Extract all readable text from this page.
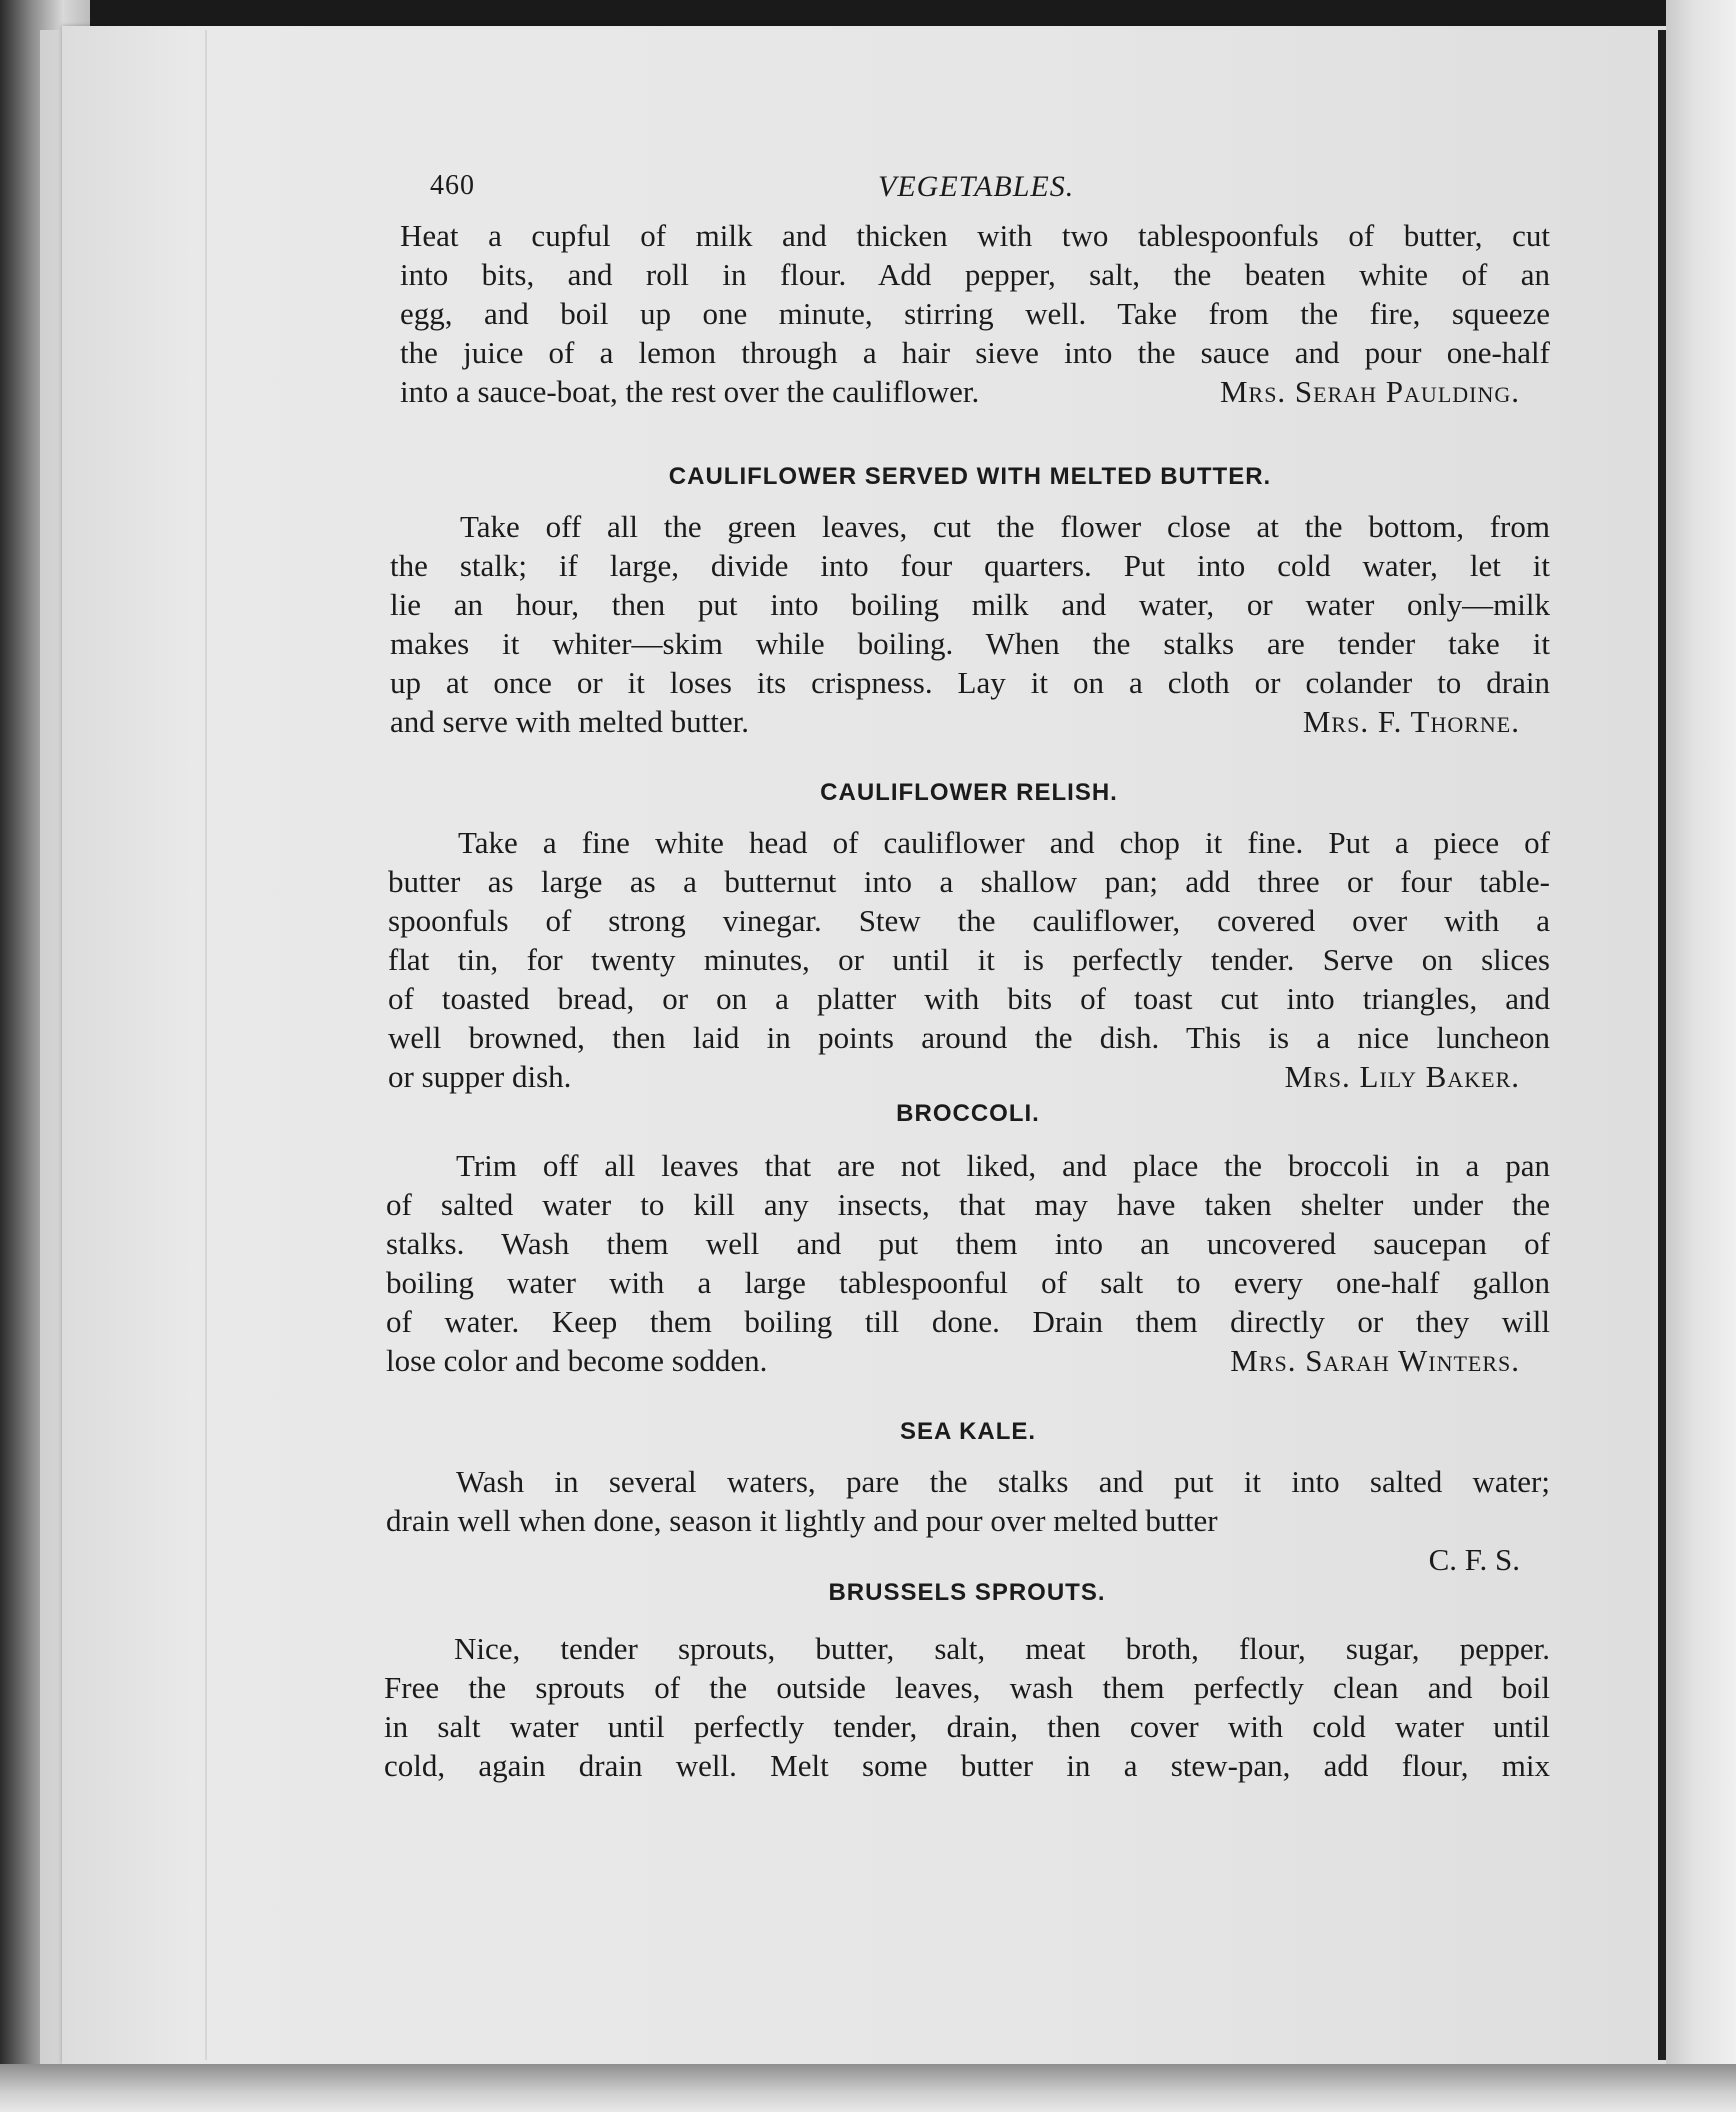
460	VEGETABLES.

Heat a cupful of milk and thicken with two tablespoonfuls of butter, cut

into bits, and roll in flour. Add pepper, salt, the beaten white of an

egg, and boil up one minute, stirring well. Take from the fire, squeeze

the juice of a lemon through a hair sieve into the sauce and pour one-half

into a sauce-boat, the rest over the cauliflower.	Mrs. Serah Paulding.
CAULIFLOWER SERVED WITH MELTED BUTTER.

Take off all the green leaves, cut the flower close at the bottom, from

the stalk; if large, divide into four quarters. Put into cold water, let it

lie an hour, then put into boiling milk and water, or water only—milk

makes it whiter—skim while boiling. When the stalks are tender take it

up at once or it loses its crispness. Lay it on a cloth or colander to drain

and serve with melted butter.	Mrs. F. Thorne.
CAULIFLOWER RELISH.

Take a fine white head of cauliflower and chop it fine. Put a piece of

butter as large as a butternut into a shallow pan; add three or four table-

spoonfuls of strong vinegar. Stew the cauliflower, covered over with a

flat tin, for twenty minutes, or until it is perfectly tender. Serve on slices

of toasted bread, or on a platter with bits of toast cut into triangles, and

well browned, then laid in points around the dish. This is a nice luncheon

or supper dish.	Mrs. Lily Baker.
BROCCOLI.

Trim off all leaves that are not liked, and place the broccoli in a pan

of salted water to kill any insects, that may have taken shelter under the

stalks. Wash them well and put them into an uncovered saucepan of

boiling water with a large tablespoonful of salt to every one-half gallon

of water. Keep them boiling till done. Drain them directly or they will

lose color and become sodden.	Mrs. Sarah Winters.
SEA KALE.

Wash in several waters, pare the stalks and put it into salted water;

drain well when done, season it lightly and pour over melted butter

C. F. S.
BRUSSELS SPROUTS.

Nice, tender sprouts, butter, salt, meat broth, flour, sugar, pepper.

Free the sprouts of the outside leaves, wash them perfectly clean and boil

in salt water until perfectly tender, drain, then cover with cold water until

cold, again drain well. Melt some butter in a stew-pan, add flour, mix
